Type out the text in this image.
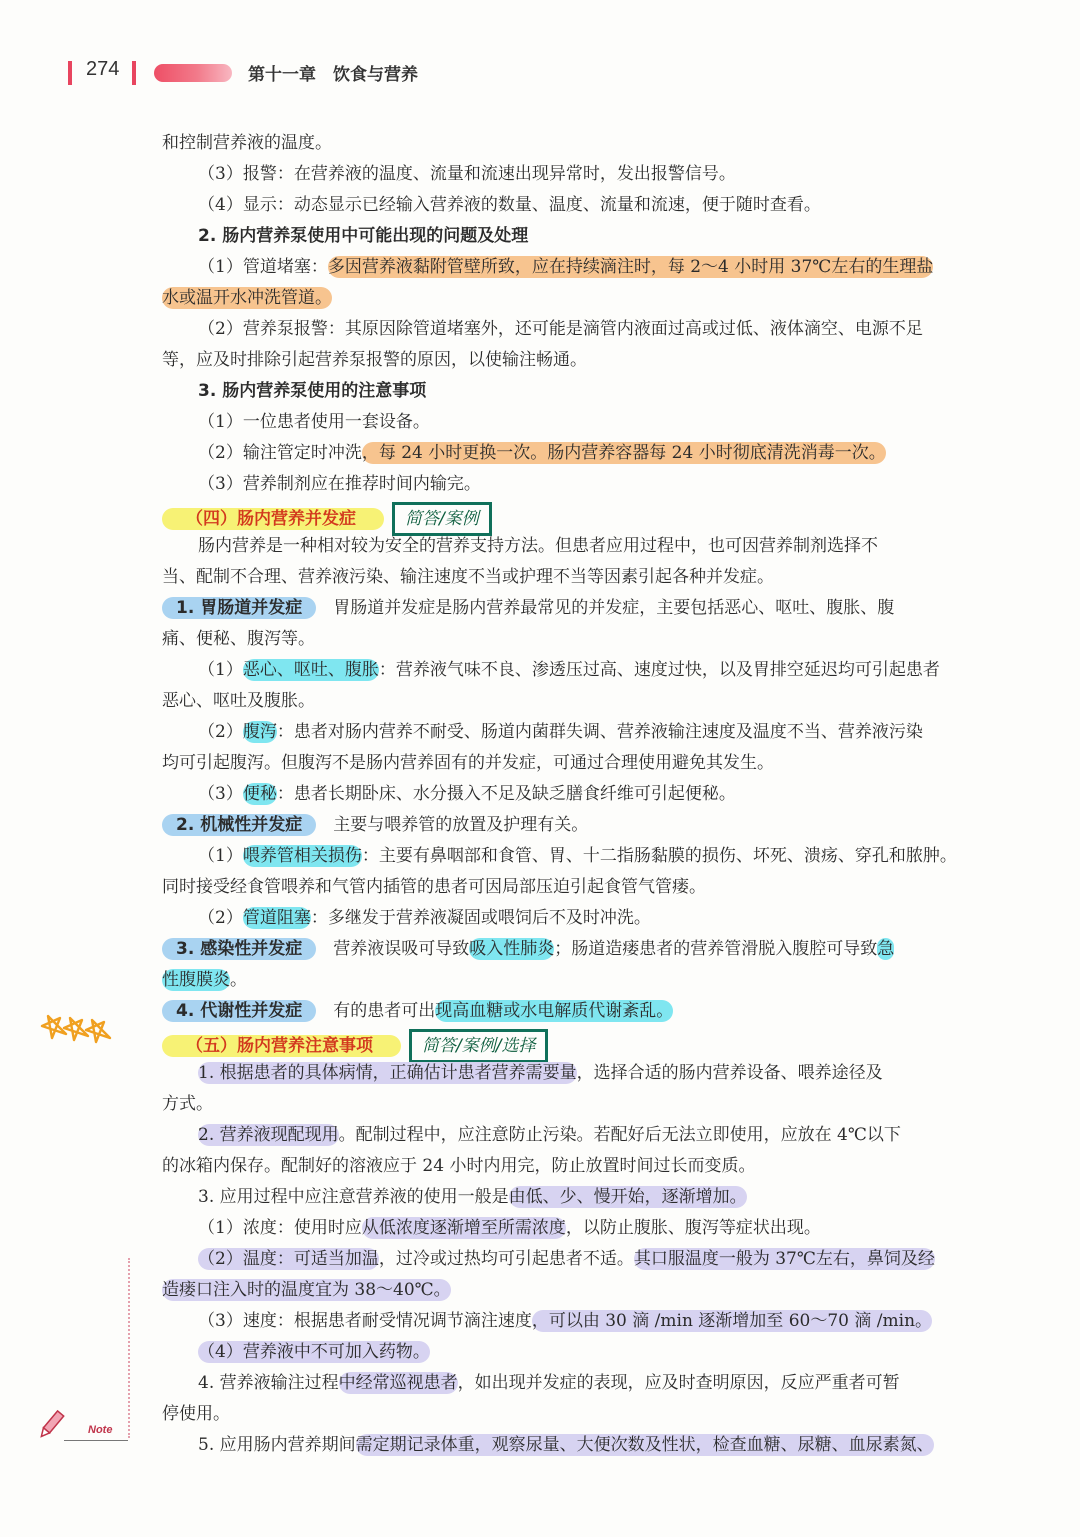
274	第十一章　饮食与营养
和控制营养液的温度。
（3）报警：在营养液的温度、流量和流速出现异常时，发出报警信号。
（4）显示：动态显示已经输入营养液的数量、温度、流量和流速，便于随时查看。
2. 肠内营养泵使用中可能出现的问题及处理
（1）管道堵塞：多因营养液黏附管壁所致，应在持续滴注时，每 2～4 小时用 37℃左右的生理盐
水或温开水冲洗管道。
（2）营养泵报警：其原因除管道堵塞外，还可能是滴管内液面过高或过低、液体滴空、电源不足
等，应及时排除引起营养泵报警的原因，以使输注畅通。
3. 肠内营养泵使用的注意事项
（1）一位患者使用一套设备。
（2）输注管定时冲洗，每 24 小时更换一次。肠内营养容器每 24 小时彻底清洗消毒一次。
（3）营养制剂应在推荐时间内输完。
（四）肠内营养并发症	简答/案例
肠内营养是一种相对较为安全的营养支持方法。但患者应用过程中，也可因营养制剂选择不
当、配制不合理、营养液污染、输注速度不当或护理不当等因素引起各种并发症。
1. 胃肠道并发症　胃肠道并发症是肠内营养最常见的并发症，主要包括恶心、呕吐、腹胀、腹
痛、便秘、腹泻等。
（1）恶心、呕吐、腹胀：营养液气味不良、渗透压过高、速度过快，以及胃排空延迟均可引起患者
恶心、呕吐及腹胀。
（2）腹泻：患者对肠内营养不耐受、肠道内菌群失调、营养液输注速度及温度不当、营养液污染
均可引起腹泻。但腹泻不是肠内营养固有的并发症，可通过合理使用避免其发生。
（3）便秘：患者长期卧床、水分摄入不足及缺乏膳食纤维可引起便秘。
2. 机械性并发症　主要与喂养管的放置及护理有关。
（1）喂养管相关损伤：主要有鼻咽部和食管、胃、十二指肠黏膜的损伤、坏死、溃疡、穿孔和脓肿。
同时接受经食管喂养和气管内插管的患者可因局部压迫引起食管气管瘘。
（2）管道阻塞：多继发于营养液凝固或喂饲后不及时冲洗。
3. 感染性并发症　营养液误吸可导致吸入性肺炎；肠道造瘘患者的营养管滑脱入腹腔可导致急
性腹膜炎。
4. 代谢性并发症　有的患者可出现高血糖或水电解质代谢紊乱。
（五）肠内营养注意事项	简答/案例/选择
1. 根据患者的具体病情，正确估计患者营养需要量，选择合适的肠内营养设备、喂养途径及
方式。
2. 营养液现配现用。配制过程中，应注意防止污染。若配好后无法立即使用，应放在 4℃以下
的冰箱内保存。配制好的溶液应于 24 小时内用完，防止放置时间过长而变质。
3. 应用过程中应注意营养液的使用一般是由低、少、慢开始，逐渐增加。
（1）浓度：使用时应从低浓度逐渐增至所需浓度，以防止腹胀、腹泻等症状出现。
（2）温度：可适当加温，过冷或过热均可引起患者不适。其口服温度一般为 37℃左右，鼻饲及经
造瘘口注入时的温度宜为 38～40℃。
（3）速度：根据患者耐受情况调节滴注速度，可以由 30 滴 /min 逐渐增加至 60～70 滴 /min。
（4）营养液中不可加入药物。
4. 营养液输注过程中经常巡视患者，如出现并发症的表现，应及时查明原因，反应严重者可暂
停使用。
5. 应用肠内营养期间需定期记录体重，观察尿量、大便次数及性状，检查血糖、尿糖、血尿素氮、
Note
